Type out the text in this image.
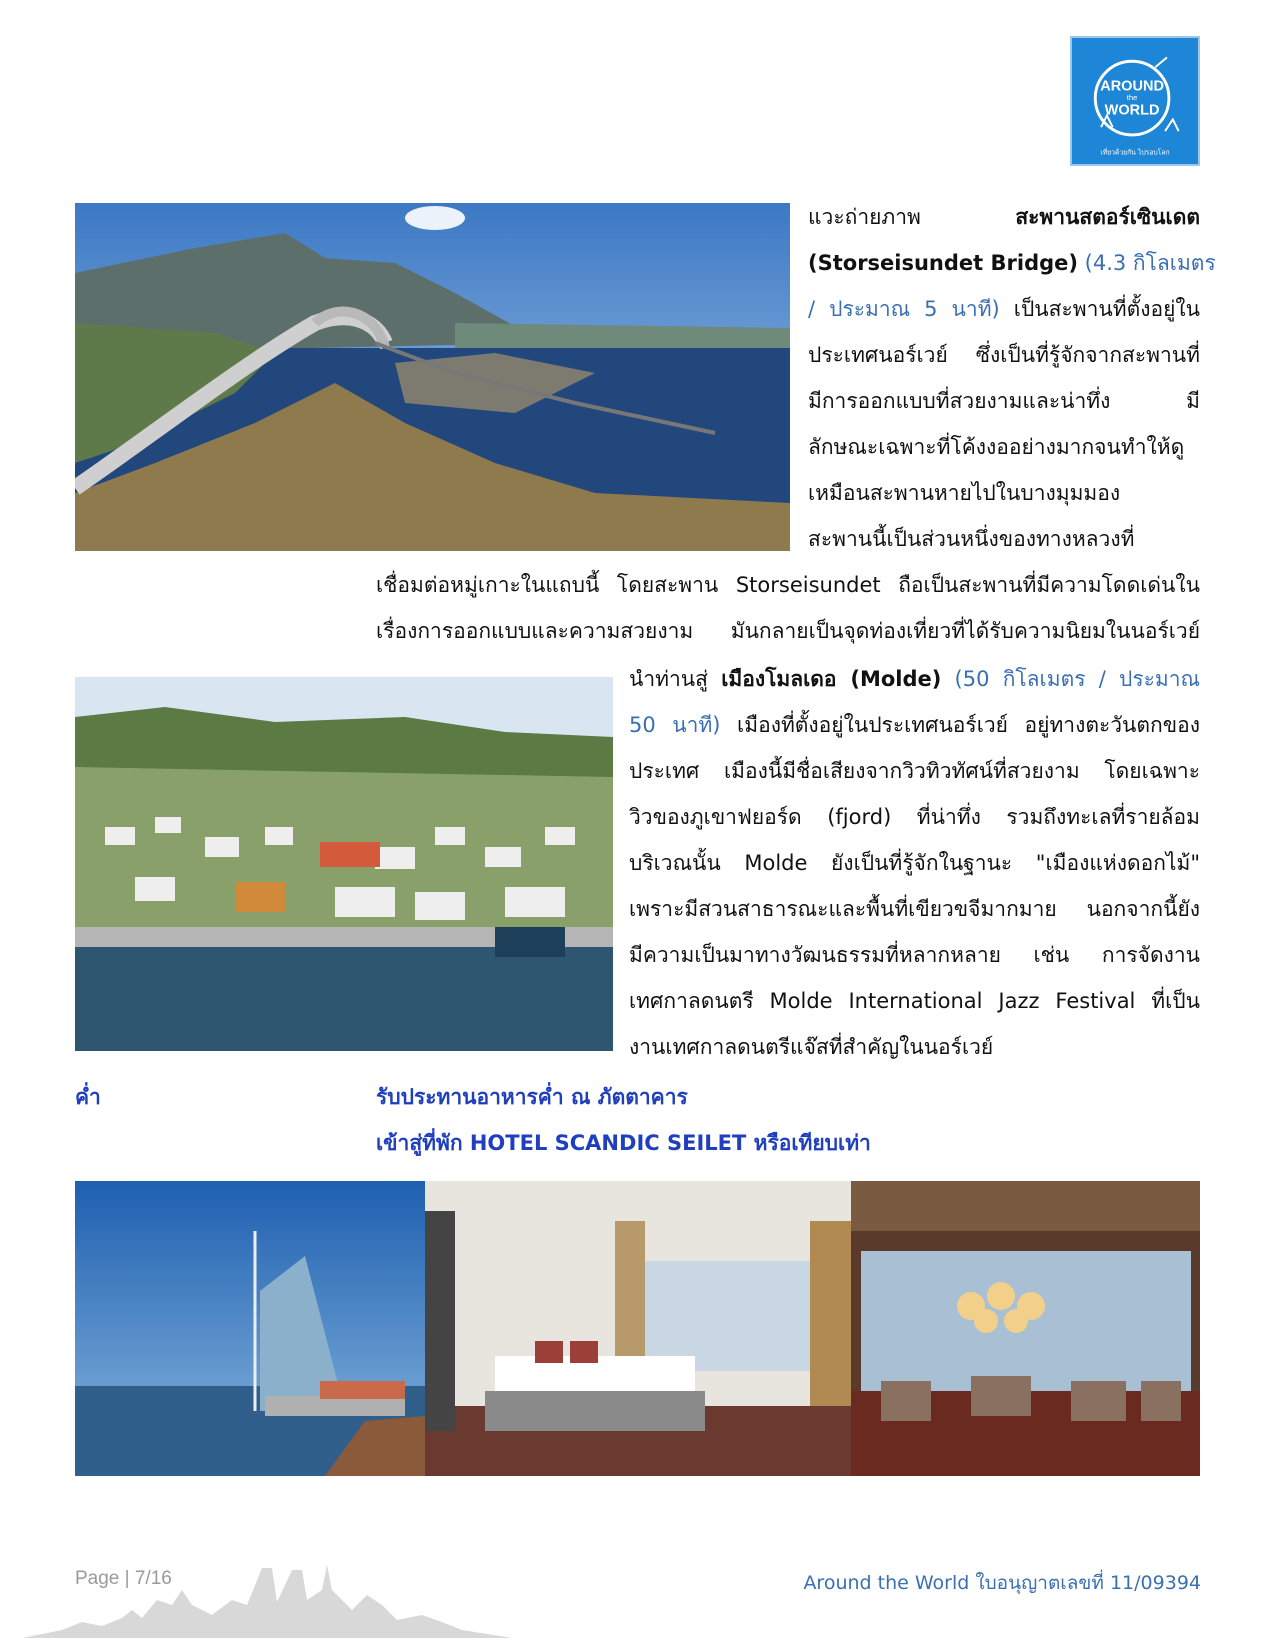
AROUND
the
WORLD
เที่ยวด้วยกัน ไปรอบโลก
แวะถ่ายภาพ สะพานสตอร์เซินเดต
(Storseisundet Bridge) (4.3 กิโลเมตร
/ ประมาณ 5 นาที) เป็นสะพานที่ตั้งอยู่ใน
ประเทศนอร์เวย์ ซึ่งเป็นที่รู้จักจากสะพานที่
มีการออกแบบที่สวยงามและน่าทึ่ง มี
ลักษณะเฉพาะที่โค้งงออย่างมากจนทำให้ดู
เหมือนสะพานหายไปในบางมุมมอง
สะพานนี้เป็นส่วนหนึ่งของทางหลวงที่
เชื่อมต่อหมู่เกาะในแถบนี้ โดยสะพาน Storseisundet ถือเป็นสะพานที่มีความโดดเด่นใน
เรื่องการออกแบบและความสวยงาม มันกลายเป็นจุดท่องเที่ยวที่ได้รับความนิยมในนอร์เวย์
นำท่านสู่ เมืองโมลเดอ (Molde) (50 กิโลเมตร / ประมาณ
50 นาที) เมืองที่ตั้งอยู่ในประเทศนอร์เวย์ อยู่ทางตะวันตกของ
ประเทศ เมืองนี้มีชื่อเสียงจากวิวทิวทัศน์ที่สวยงาม โดยเฉพาะ
วิวของภูเขาฟยอร์ด (fjord) ที่น่าทึ่ง รวมถึงทะเลที่รายล้อม
บริเวณนั้น Molde ยังเป็นที่รู้จักในฐานะ "เมืองแห่งดอกไม้"
เพราะมีสวนสาธารณะและพื้นที่เขียวขจีมากมาย นอกจากนี้ยัง
มีความเป็นมาทางวัฒนธรรมที่หลากหลาย เช่น การจัดงาน
เทศกาลดนตรี Molde International Jazz Festival ที่เป็น
งานเทศกาลดนตรีแจ๊สที่สำคัญในนอร์เวย์
ค่ำ	รับประทานอาหารค่ำ ณ ภัตตาคาร
เข้าสู่ที่พัก HOTEL SCANDIC SEILET หรือเทียบเท่า
Page | 7/16	Around the World ใบอนุญาตเลขที่ 11/09394
